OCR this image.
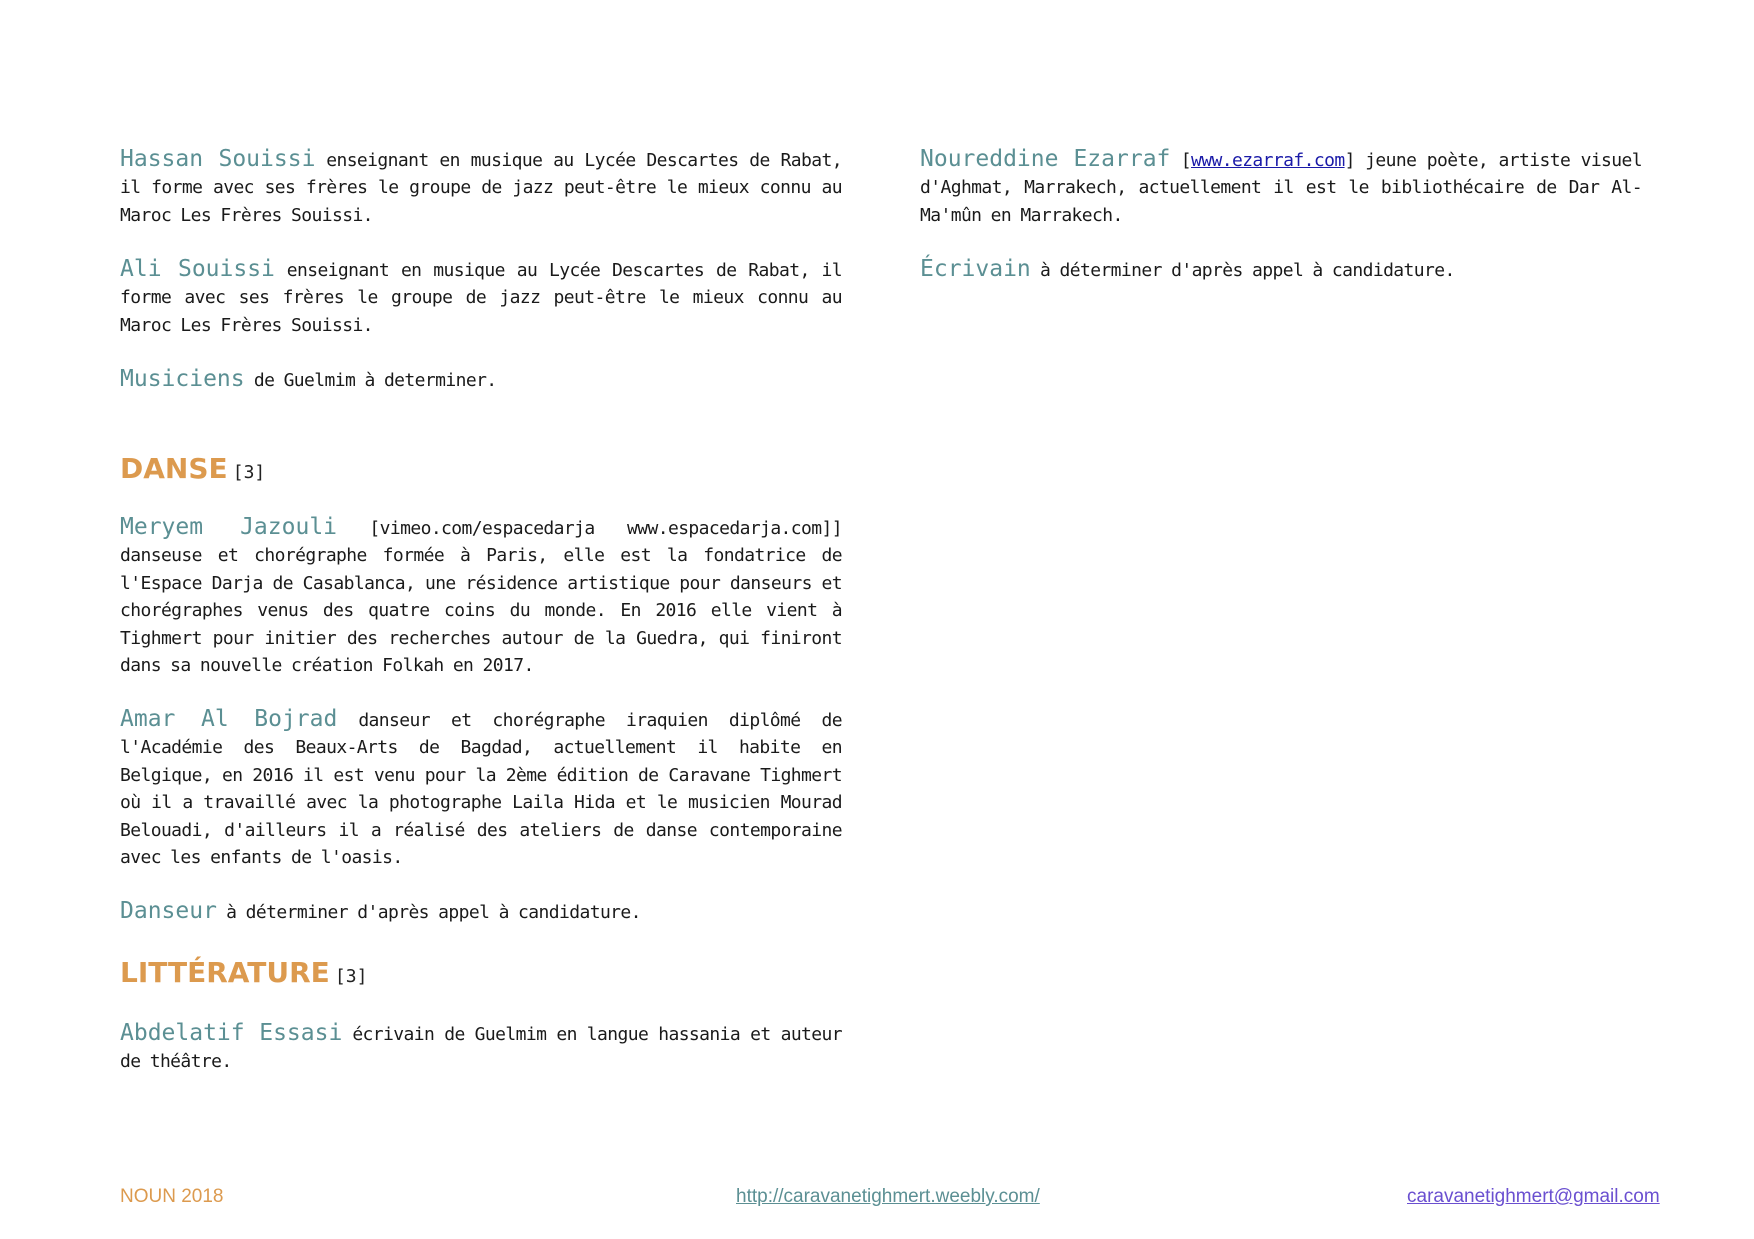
Hassan Souissi enseignant en musique au Lycée Descartes de Rabat, il forme avec ses frères le groupe de jazz peut-être le mieux connu au Maroc Les Frères Souissi.

Ali Souissi enseignant en musique au Lycée Descartes de Rabat, il forme avec ses frères le groupe de jazz peut-être le mieux connu au Maroc Les Frères Souissi.

Musiciens de Guelmim à determiner.

DANSE [3]

Meryem Jazouli [vimeo.com/espacedarja www.espacedarja.com]] danseuse et chorégraphe formée à Paris, elle est la fondatrice de l'Espace Darja de Casablanca, une résidence artistique pour danseurs et chorégraphes venus des quatre coins du monde. En 2016 elle vient à Tighmert pour initier des recherches autour de la Guedra, qui finiront dans sa nouvelle création Folkah en 2017.

Amar Al Bojrad danseur et chorégraphe iraquien diplômé de l'Académie des Beaux-Arts de Bagdad, actuellement il habite en Belgique, en 2016 il est venu pour la 2ème édition de Caravane Tighmert où il a travaillé avec la photographe Laila Hida et le musicien Mourad Belouadi, d'ailleurs il a réalisé des ateliers de danse contemporaine avec les enfants de l'oasis.

Danseur à déterminer d'après appel à candidature.

LITTÉRATURE [3]

Abdelatif Essasi écrivain de Guelmim en langue hassania et auteur de théâtre.

Noureddine Ezarraf [www.ezarraf.com] jeune poète, artiste visuel d'Aghmat, Marrakech, actuellement il est le bibliothécaire de Dar Al-Ma'mûn en Marrakech.

Écrivain à déterminer d'après appel à candidature.

NOUN 2018	http://caravanetighmert.weebly.com/	caravanetighmert@gmail.com
